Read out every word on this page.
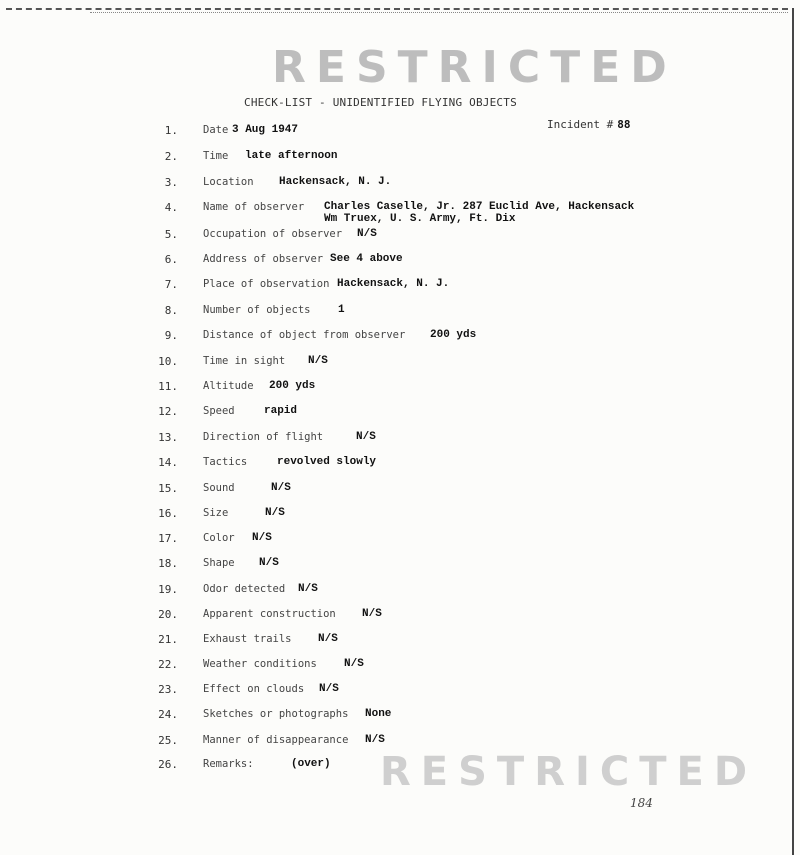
RESTRICTED
CHECK-LIST - UNIDENTIFIED FLYING OBJECTS
Incident # 88
1. Date 3 Aug 1947
2. Time late afternoon
3. Location Hackensack, N. J.
4. Name of observer Charles Caselle, Jr. 287 Euclid Ave, Hackensack
Wm Truex, U. S. Army, Ft. Dix
5. Occupation of observer N/S
6. Address of observer See 4 above
7. Place of observation Hackensack, N. J.
8. Number of objects	1
9. Distance of object from observer 200 yds
10. Time in sight N/S
11. Altitude 200 yds
12. Speed	rapid
13. Direction of flight	N/S
14. Tactics	revolved slowly
15. Sound	N/S
16. Size	N/S
17. Color N/S
18. Shape N/S
19. Odor detected N/S
20. Apparent construction N/S
21. Exhaust trails N/S
22. Weather conditions N/S
23. Effect on clouds N/S
24. Sketches or photographs None
25. Manner of disappearance N/S
26. Remarks:	(over) RESTRICTED
184
